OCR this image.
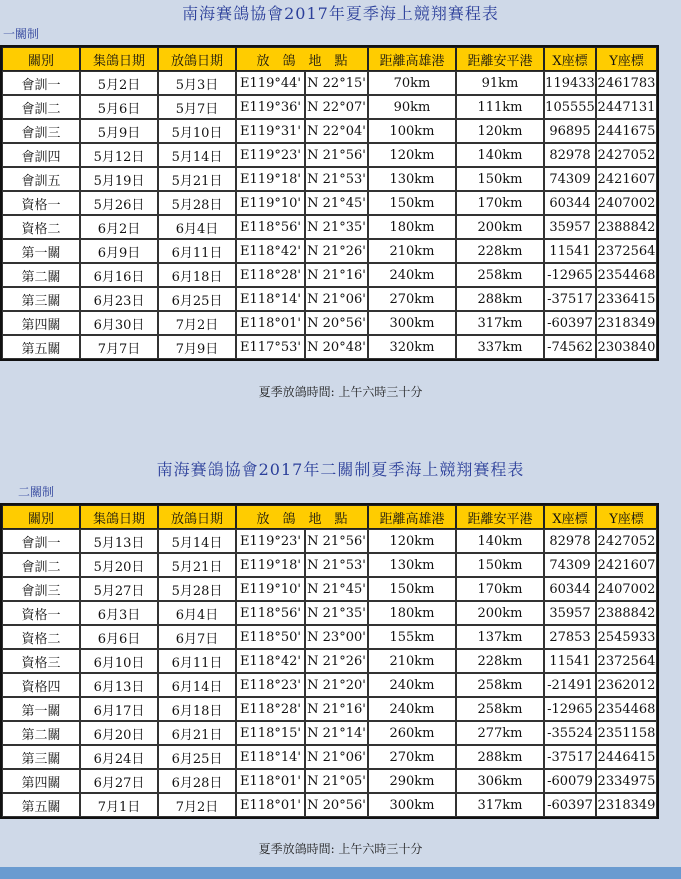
南海賽鴿協會2017年夏季海上競翔賽程表
一關制
關別	集鴿日期	放鴿日期	放　鴿　地　點		距離高雄港	距離安平港	X座標	Y座標
會訓一	5月2日	5月3日	E119°44'	N 22°15'	70km	91km	119433	2461783
會訓二	5月6日	5月7日	E119°36'	N 22°07'	90km	111km	105555	2447131
會訓三	5月9日	5月10日	E119°31'	N 22°04'	100km	120km	96895	2441675
會訓四	5月12日	5月14日	E119°23'	N 21°56'	120km	140km	82978	2427052
會訓五	5月19日	5月21日	E119°18'	N 21°53'	130km	150km	74309	2421607
資格一	5月26日	5月28日	E119°10'	N 21°45'	150km	170km	60344	2407002
資格二	6月2日	6月4日	E118°56'	N 21°35'	180km	200km	35957	2388842
第一關	6月9日	6月11日	E118°42'	N 21°26'	210km	228km	11541	2372564
第二關	6月16日	6月18日	E118°28'	N 21°16'	240km	258km	-12965	2354468
第三關	6月23日	6月25日	E118°14'	N 21°06'	270km	288km	-37517	2336415
第四關	6月30日	7月2日	E118°01'	N 20°56'	300km	317km	-60397	2318349
第五關	7月7日	7月9日	E117°53'	N 20°48'	320km	337km	-74562	2303840
夏季放鴿時間: 上午六時三十分
南海賽鴿協會2017年二關制夏季海上競翔賽程表
二關制
關別	集鴿日期	放鴿日期	放　鴿　地　點		距離高雄港	距離安平港	X座標	Y座標
會訓一	5月13日	5月14日	E119°23'	N 21°56'	120km	140km	82978	2427052
會訓二	5月20日	5月21日	E119°18'	N 21°53'	130km	150km	74309	2421607
會訓三	5月27日	5月28日	E119°10'	N 21°45'	150km	170km	60344	2407002
資格一	6月3日	6月4日	E118°56'	N 21°35'	180km	200km	35957	2388842
資格二	6月6日	6月7日	E118°50'	N 23°00'	155km	137km	27853	2545933
資格三	6月10日	6月11日	E118°42'	N 21°26'	210km	228km	11541	2372564
資格四	6月13日	6月14日	E118°23'	N 21°20'	240km	258km	-21491	2362012
第一關	6月17日	6月18日	E118°28'	N 21°16'	240km	258km	-12965	2354468
第二關	6月20日	6月21日	E118°15'	N 21°14'	260km	277km	-35524	2351158
第三關	6月24日	6月25日	E118°14'	N 21°06'	270km	288km	-37517	2446415
第四關	6月27日	6月28日	E118°01'	N 21°05'	290km	306km	-60079	2334975
第五關	7月1日	7月2日	E118°01'	N 20°56'	300km	317km	-60397	2318349
夏季放鴿時間: 上午六時三十分
